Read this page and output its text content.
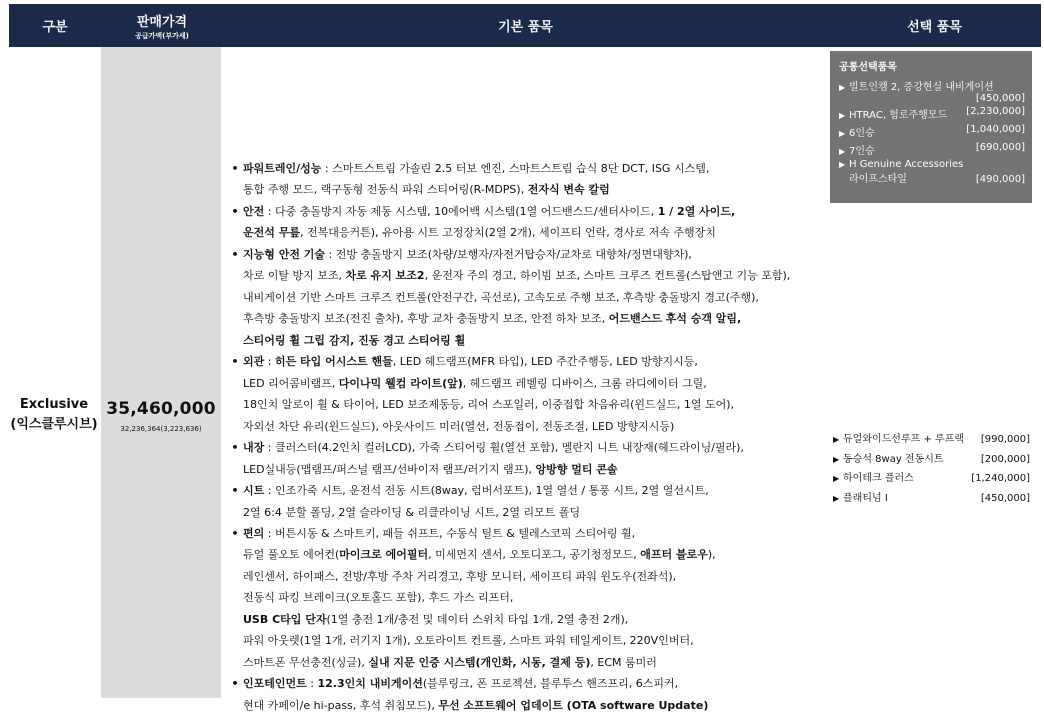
구분	판매가격
공급가액(부가세)
기본 품목	선택 품목
Exclusive
(익스클루시브)
35,460,000
32,236,364(3,223,636)
• 파워트레인/성능 : 스마트스트림 가솔린 2.5 터보 엔진, 스마트스트림 습식 8단 DCT, ISG 시스템,
통합 주행 모드, 랙구동형 전동식 파워 스티어링(R-MDPS), 전자식 변속 칼럼
• 안전 : 다중 충돌방지 자동 제동 시스템, 10에어백 시스템(1열 어드밴스드/센터사이드, 1 / 2열 사이드,
운전석 무릎, 전복대응커튼), 유아용 시트 고정장치(2열 2개), 세이프티 언락, 경사로 저속 주행장치
• 지능형 안전 기술 : 전방 충돌방지 보조(차량/보행자/자전거탑승자/교차로 대향차/정면대향차),
차로 이탈 방지 보조, 차로 유지 보조2, 운전자 주의 경고, 하이빔 보조, 스마트 크루즈 컨트롤(스탑앤고 기능 포함),
내비게이션 기반 스마트 크루즈 컨트롤(안전구간, 곡선로), 고속도로 주행 보조, 후측방 충돌방지 경고(주행),
후측방 충돌방지 보조(전진 출차), 후방 교차 충돌방지 보조, 안전 하차 보조, 어드밴스드 후석 승객 알림,
스티어링 휠 그립 감지, 진동 경고 스티어링 휠
• 외관 : 히든 타입 어시스트 핸들, LED 헤드램프(MFR 타입), LED 주간주행등, LED 방향지시등,
LED 리어콤비램프, 다이나믹 웰컴 라이트(앞), 헤드램프 레벨링 디바이스, 크롬 라디에이터 그릴,
18인치 알로이 휠 & 타이어, LED 보조제동등, 리어 스포일러, 이중접합 차음유리(윈드실드, 1열 도어),
자외선 차단 유리(윈드실드), 아웃사이드 미러(열선, 전동접이, 전동조절, LED 방향지시등)
• 내장 : 클러스터(4.2인치 컬러LCD), 가죽 스티어링 휠(열선 포함), 멜란지 니트 내장재(헤드라이닝/필라),
LED실내등(맵램프/퍼스널 램프/선바이저 램프/러기지 램프), 앙방향 멀티 콘솔
• 시트 : 인조가죽 시트, 운전석 전동 시트(8way, 럼버서포트), 1열 열선 / 통풍 시트, 2열 열선시트,
2열 6:4 분할 폴딩, 2열 슬라이딩 & 리클라이닝 시트, 2열 리모트 폴딩
• 편의 : 버튼시동 & 스마트키, 패들 쉬프트, 수동식 틸트 & 텔레스코픽 스티어링 휠,
듀얼 풀오토 에어컨(마이크로 에어필터, 미세먼지 센서, 오토디포그, 공기청정모드, 애프터 블로우),
레인센서, 하이패스, 전방/후방 주차 거리경고, 후방 모니터, 세이프티 파워 윈도우(전좌석),
전동식 파킹 브레이크(오토홀드 포함), 후드 가스 리프터,
USB C타입 단자(1열 충전 1개/충전 및 데이터 스위치 타입 1개, 2열 충전 2개),
파워 아웃렛(1열 1개, 러기지 1개), 오토라이트 컨트롤, 스마트 파워 테일게이트, 220V인버터,
스마트폰 무선충전(싱글), 실내 지문 인증 시스템(개인화, 시동, 결제 등), ECM 룸미러
• 인포테인먼트 : 12.3인치 내비게이션(블루링크, 폰 프로젝션, 블루투스 핸즈프리, 6스피커,
현대 카페이/e hi-pass, 후석 취침모드), 무선 소프트웨어 업데이트 (OTA software Update)
공통선택품목
▶ 빌트인캠 2, 증강현실 내비게이션
[450,000]
▶ HTRAC, 험로주행모드	[2,230,000]
▶ 6인승	[1,040,000]
▶ 7인승	[690,000]
▶ H Genuine Accessories
라이프스타일	[490,000]
▶ 듀얼와이드선루프 + 루프랙 [990,000]
▶ 동승석 8way 전동시트	[200,000]
▶ 하이테크 플러스	[1,240,000]
▶ 플래티넘 I	[450,000]
